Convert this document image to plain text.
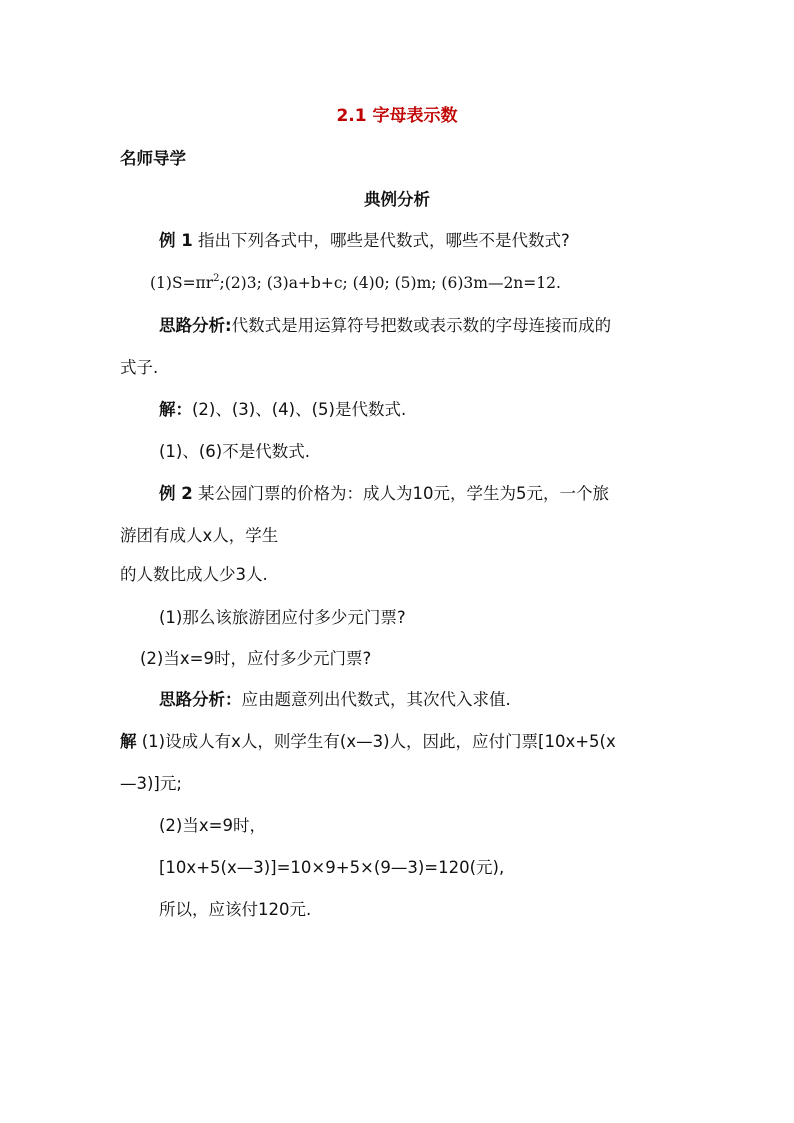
2.1 字母表示数
名师导学
典例分析
例 1 指出下列各式中，哪些是代数式，哪些不是代数式?
$(1)S=\pi r^2;(2)3$; (3)a+b+c; (4)0; (5)m; (6)3m—2n=12.
思路分析:代数式是用运算符号把数或表示数的字母连接而成的
式子.
解：(2)、(3)、(4)、(5)是代数式.
(1)、(6)不是代数式.
例 2 某公园门票的价格为：成人为10元，学生为5元，一个旅
游团有成人x人，学生
的人数比成人少3人.
(1)那么该旅游团应付多少元门票?
(2)当x=9时，应付多少元门票?
思路分析：应由题意列出代数式，其次代入求值.
解 (1)设成人有x人，则学生有(x—3)人，因此，应付门票[10x+5(x
—3)]元;
(2)当x=9时，
[10x+5(x—3)]=10×9+5×(9—3)=120(元),
所以，应该付120元.
